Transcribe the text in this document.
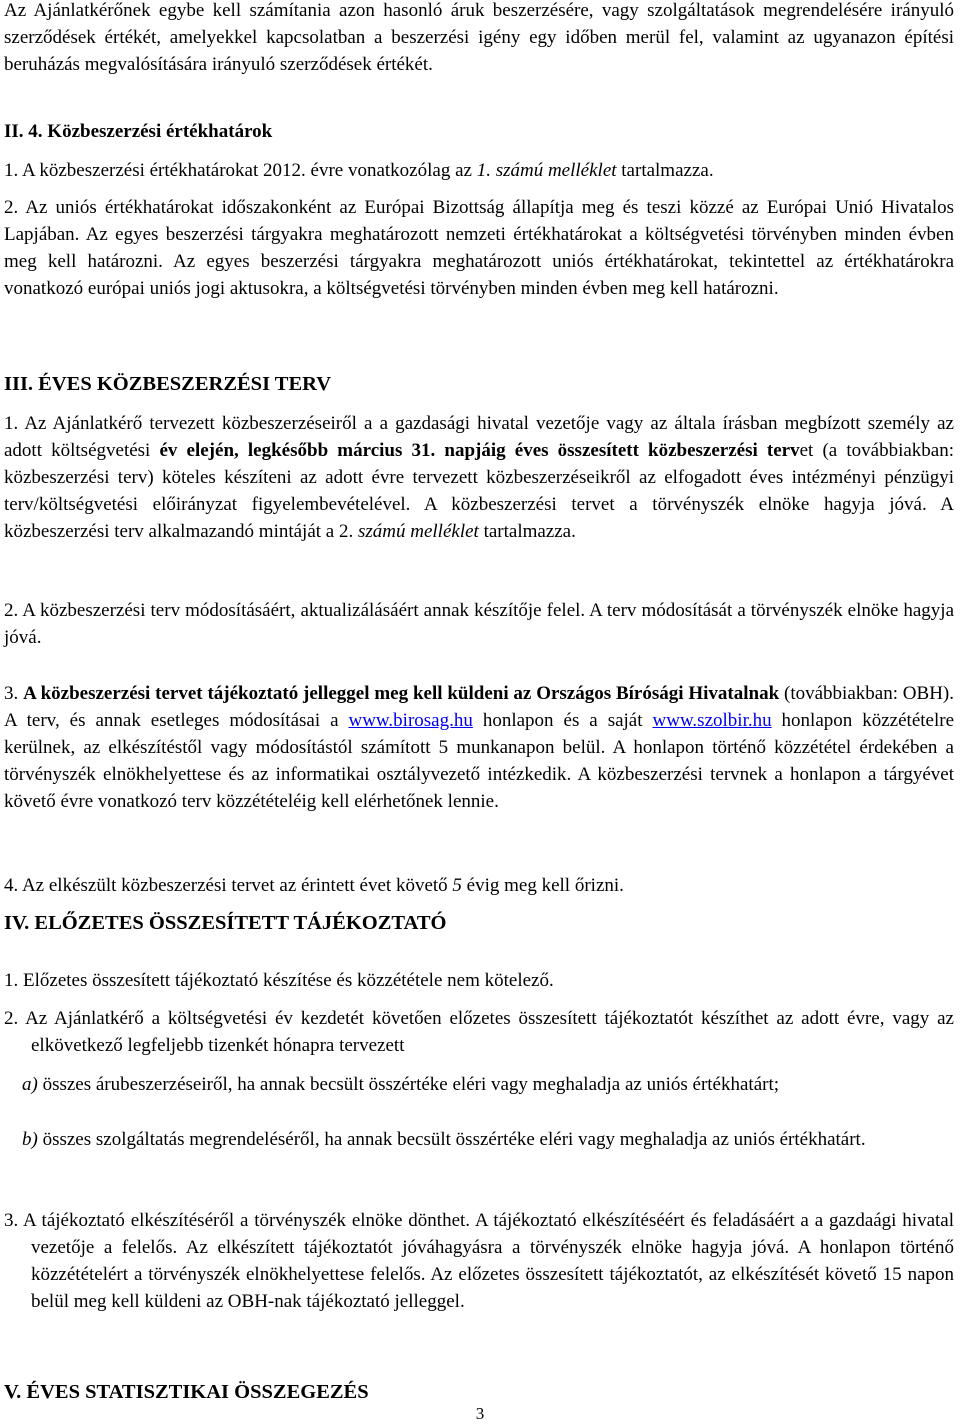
Az Ajánlatkérőnek egybe kell számítania azon hasonló áruk beszerzésére, vagy szolgáltatások megrendelésére irányuló szerződések értékét, amelyekkel kapcsolatban a beszerzési igény egy időben merül fel, valamint az ugyanazon építési beruházás megvalósítására irányuló szerződések értékét.

II. 4. Közbeszerzési értékhatárok

1. A közbeszerzési értékhatárokat 2012. évre vonatkozólag az 1. számú melléklet tartalmazza.

2. Az uniós értékhatárokat időszakonként az Európai Bizottság állapítja meg és teszi közzé az Európai Unió Hivatalos Lapjában. Az egyes beszerzési tárgyakra meghatározott nemzeti értékhatárokat a költségvetési törvényben minden évben meg kell határozni. Az egyes beszerzési tárgyakra meghatározott uniós értékhatárokat, tekintettel az értékhatárokra vonatkozó európai uniós jogi aktusokra, a költségvetési törvényben minden évben meg kell határozni.

III. ÉVES KÖZBESZERZÉSI TERV

1. Az Ajánlatkérő tervezett közbeszerzéseiről a a gazdasági hivatal vezetője vagy az általa írásban megbízott személy az adott költségvetési év elején, legkésőbb március 31. napjáig éves összesített közbeszerzési tervet (a továbbiakban: közbeszerzési terv) köteles készíteni az adott évre tervezett közbeszerzéseikről az elfogadott éves intézményi pénzügyi terv/költségvetési előirányzat figyelembevételével. A közbeszerzési tervet a törvényszék elnöke hagyja jóvá. A közbeszerzési terv alkalmazandó mintáját a 2. számú melléklet tartalmazza.

2. A közbeszerzési terv módosításáért, aktualizálásáért annak készítője felel. A terv módosítását a törvényszék elnöke hagyja jóvá.

3. A közbeszerzési tervet tájékoztató jelleggel meg kell küldeni az Országos Bírósági Hivatalnak (továbbiakban: OBH). A terv, és annak esetleges módosításai a www.birosag.hu honlapon és a saját www.szolbir.hu honlapon közzétételre kerülnek, az elkészítéstől vagy módosítástól számított 5 munkanapon belül. A honlapon történő közzététel érdekében a törvényszék elnökhelyettese és az informatikai osztályvezető intézkedik. A közbeszerzési tervnek a honlapon a tárgyévet követő évre vonatkozó terv közzétételéig kell elérhetőnek lennie.

4. Az elkészült közbeszerzési tervet az érintett évet követő 5 évig meg kell őrizni.

IV. ELŐZETES ÖSSZESÍTETT TÁJÉKOZTATÓ

1. Előzetes összesített tájékoztató készítése és közzététele nem kötelező.

2. Az Ajánlatkérő a költségvetési év kezdetét követően előzetes összesített tájékoztatót készíthet az adott évre, vagy az elkövetkező legfeljebb tizenkét hónapra tervezett

a) összes árubeszerzéseiről, ha annak becsült összértéke eléri vagy meghaladja az uniós értékhatárt;

b) összes szolgáltatás megrendeléséről, ha annak becsült összértéke eléri vagy meghaladja az uniós értékhatárt.

3. A tájékoztató elkészítéséről a törvényszék elnöke dönthet. A tájékoztató elkészítéséért és feladásáért a a gazdaági hivatal vezetője a felelős. Az elkészített tájékoztatót jóváhagyásra a törvényszék elnöke hagyja jóvá. A honlapon történő közzétételért a törvényszék elnökhelyettese felelős. Az előzetes összesített tájékoztatót, az elkészítését követő 15 napon belül meg kell küldeni az OBH-nak tájékoztató jelleggel.

V. ÉVES STATISZTIKAI ÖSSZEGEZÉS

3
